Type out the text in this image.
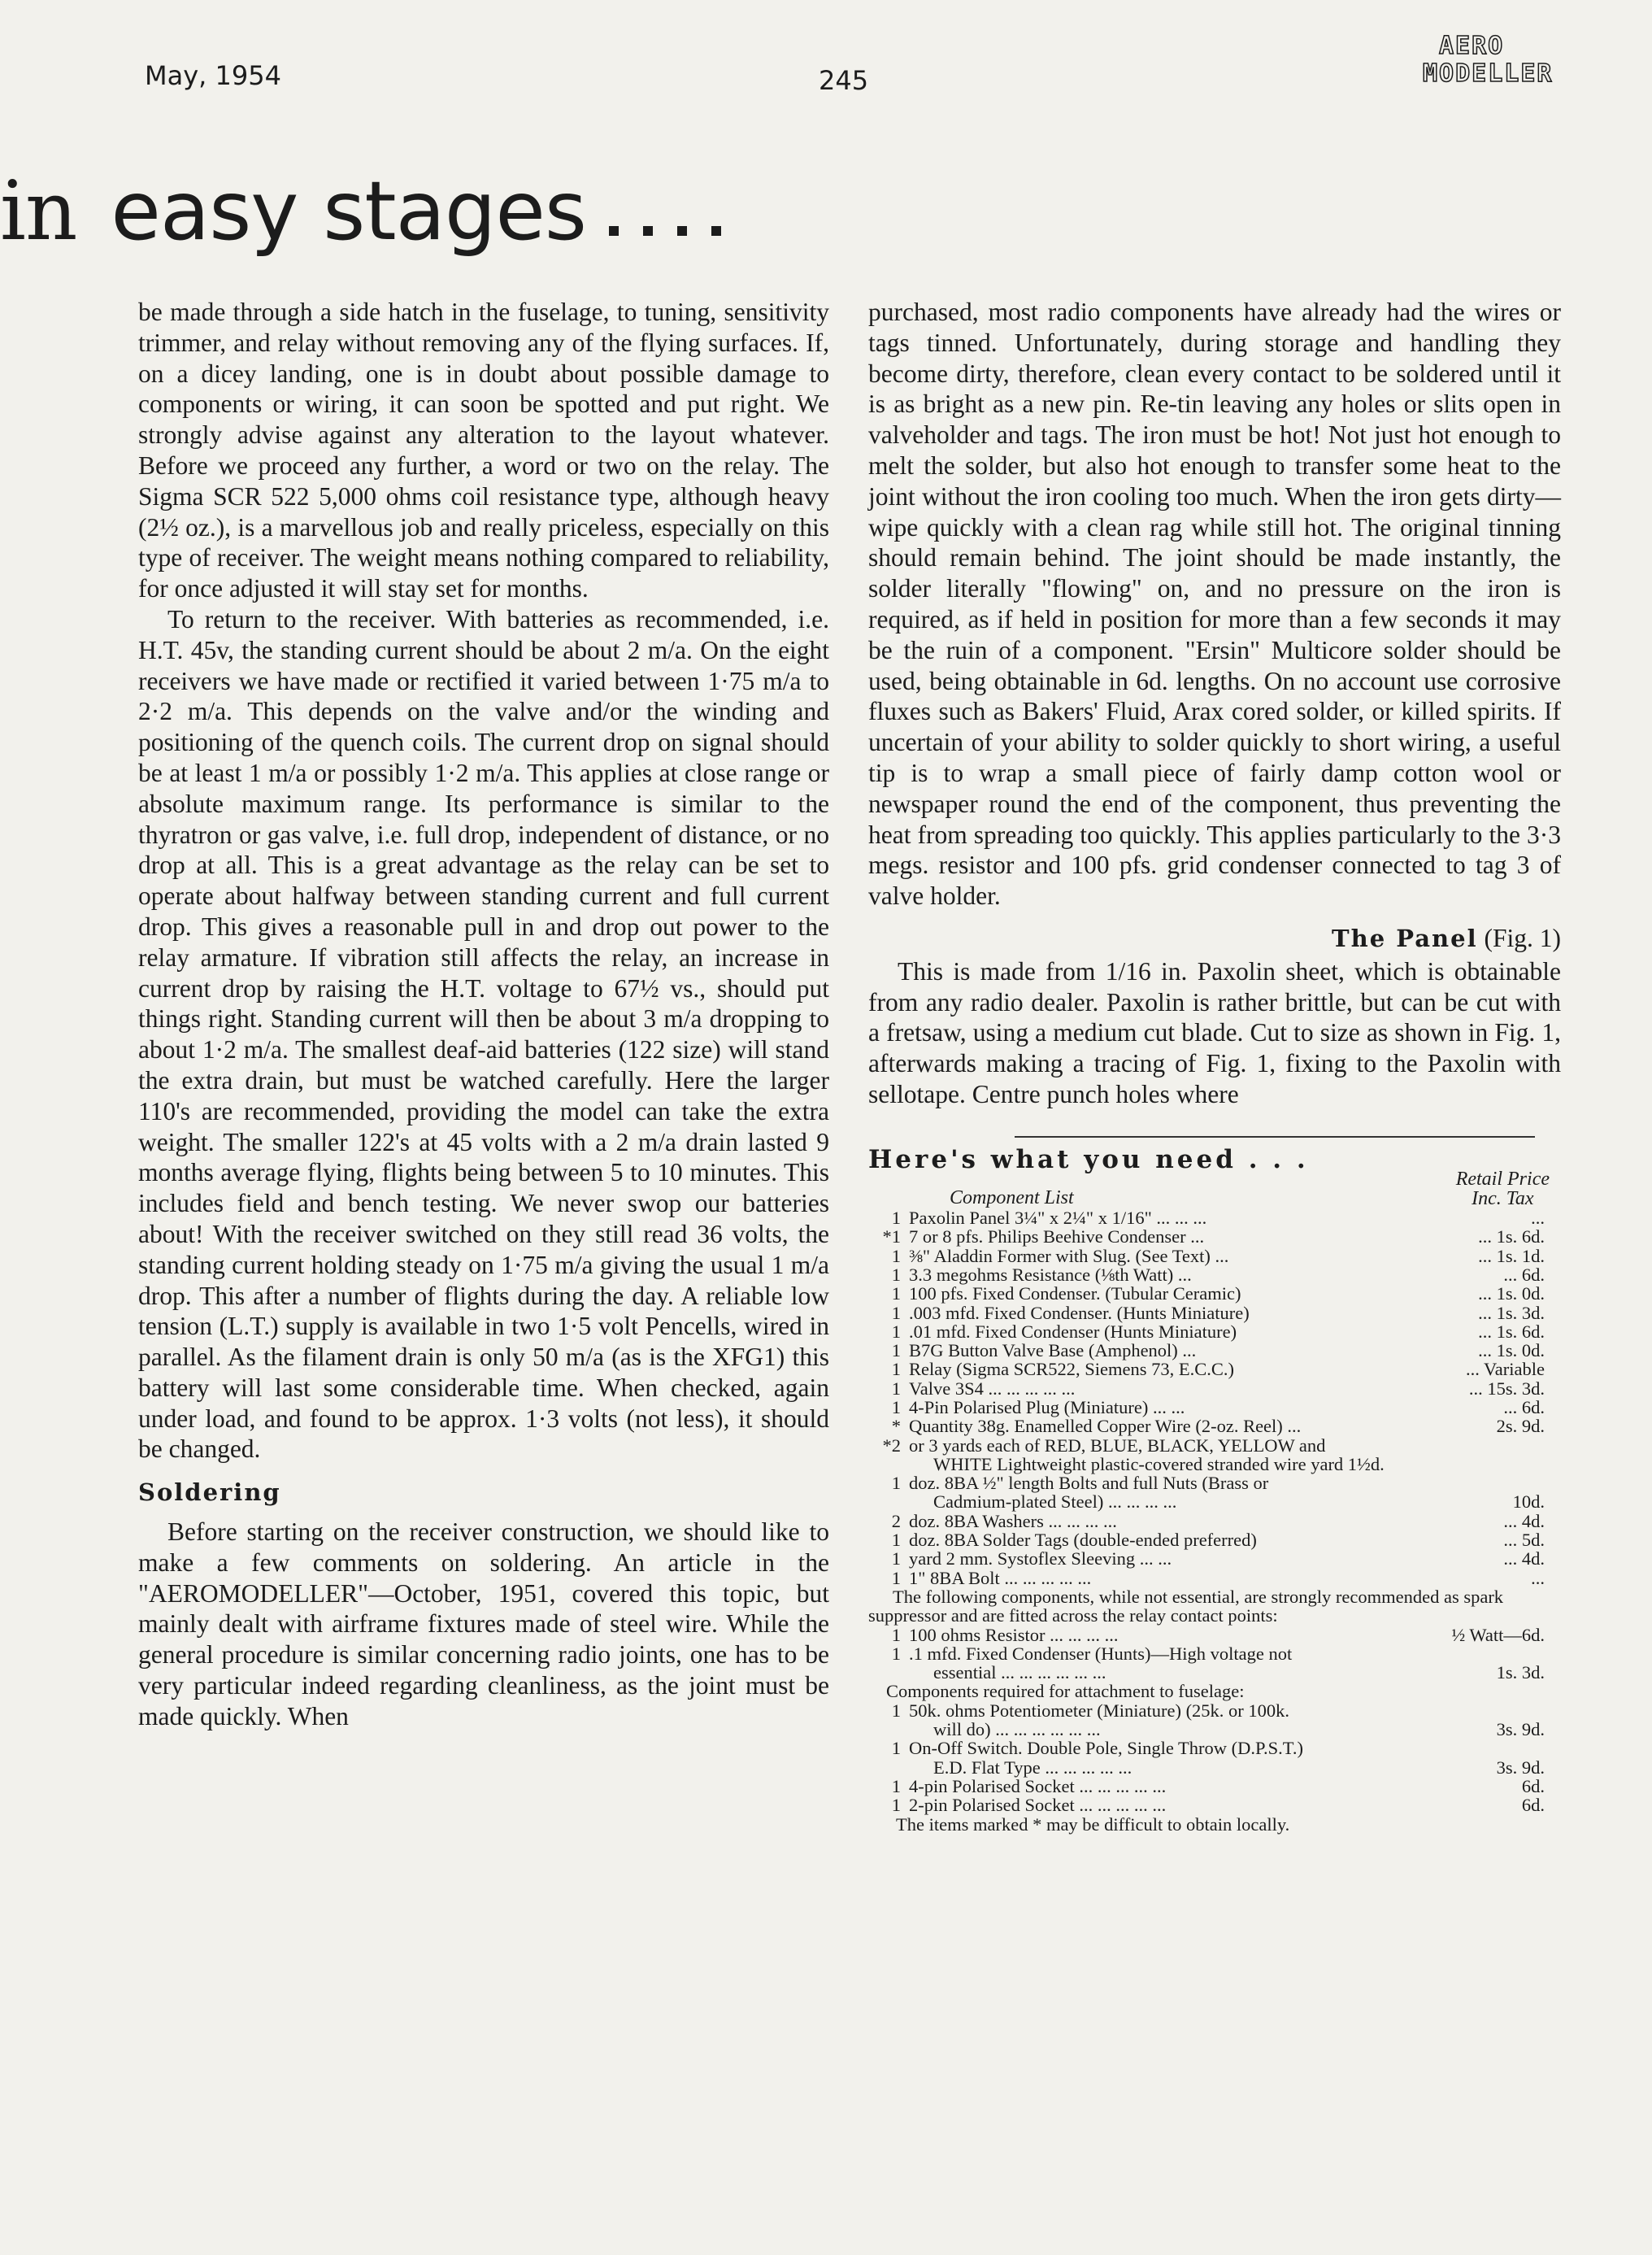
May, 1954	245
AERO
MODELLER
in easy stages

be made through a side hatch in the fuselage, to tuning, sensitivity trimmer, and relay without removing any of the flying surfaces. If, on a dicey landing, one is in doubt about possible damage to components or wiring, it can soon be spotted and put right. We strongly advise against any alteration to the layout whatever. Before we proceed any further, a word or two on the relay. The Sigma SCR 522 5,000 ohms coil resistance type, although heavy (2½ oz.), is a marvellous job and really priceless, especially on this type of receiver. The weight means nothing compared to reliability, for once adjusted it will stay set for months.

To return to the receiver. With batteries as recommended, i.e. H.T. 45v, the standing current should be about 2 m/a. On the eight receivers we have made or rectified it varied between 1·75 m/a to 2·2 m/a. This depends on the valve and/or the winding and positioning of the quench coils. The current drop on signal should be at least 1 m/a or possibly 1·2 m/a. This applies at close range or absolute maximum range. Its performance is similar to the thyratron or gas valve, i.e. full drop, independent of distance, or no drop at all. This is a great advantage as the relay can be set to operate about halfway between standing current and full current drop. This gives a reasonable pull in and drop out power to the relay armature. If vibration still affects the relay, an increase in current drop by raising the H.T. voltage to 67½ vs., should put things right. Standing current will then be about 3 m/a dropping to about 1·2 m/a. The smallest deaf-aid batteries (122 size) will stand the extra drain, but must be watched carefully. Here the larger 110's are recommended, providing the model can take the extra weight. The smaller 122's at 45 volts with a 2 m/a drain lasted 9 months average flying, flights being between 5 to 10 minutes. This includes field and bench testing. We never swop our batteries about! With the receiver switched on they still read 36 volts, the standing current holding steady on 1·75 m/a giving the usual 1 m/a drop. This after a number of flights during the day. A reliable low tension (L.T.) supply is available in two 1·5 volt Pencells, wired in parallel. As the filament drain is only 50 m/a (as is the XFG1) this battery will last some considerable time. When checked, again under load, and found to be approx. 1·3 volts (not less), it should be changed.

Soldering

Before starting on the receiver construction, we should like to make a few comments on soldering. An article in the "AEROMODELLER"—October, 1951, covered this topic, but mainly dealt with airframe fixtures made of steel wire. While the general procedure is similar concerning radio joints, one has to be very particular indeed regarding cleanliness, as the joint must be made quickly. When

purchased, most radio components have already had the wires or tags tinned. Unfortunately, during storage and handling they become dirty, therefore, clean every contact to be soldered until it is as bright as a new pin. Re-tin leaving any holes or slits open in valveholder and tags. The iron must be hot! Not just hot enough to melt the solder, but also hot enough to transfer some heat to the joint without the iron cooling too much. When the iron gets dirty—wipe quickly with a clean rag while still hot. The original tinning should remain behind. The joint should be made instantly, the solder literally "flowing" on, and no pressure on the iron is required, as if held in position for more than a few seconds it may be the ruin of a component. "Ersin" Multicore solder should be used, being obtainable in 6d. lengths. On no account use corrosive fluxes such as Bakers' Fluid, Arax cored solder, or killed spirits. If uncertain of your ability to solder quickly to short wiring, a useful tip is to wrap a small piece of fairly damp cotton wool or newspaper round the end of the component, thus preventing the heat from spreading too quickly. This applies particularly to the 3·3 megs. resistor and 100 pfs. grid condenser connected to tag 3 of valve holder.

The Panel (Fig. 1)

This is made from 1/16 in. Paxolin sheet, which is obtainable from any radio dealer. Paxolin is rather brittle, but can be cut with a fretsaw, using a medium cut blade. Cut to size as shown in Fig. 1, afterwards making a tracing of Fig. 1, fixing to the Paxolin with sellotape. Centre punch holes where

Here's what you need . . .
Component List
Retail Price
Inc. Tax
1 Paxolin Panel 3¼" x 2¼" x 1/16" ... ... ...	...
*1 7 or 8 pfs. Philips Beehive Condenser ...	... 1s. 6d.
1 ⅜" Aladdin Former with Slug. (See Text) ...	... 1s. 1d.
1 3.3 megohms Resistance (⅛th Watt) ...	... 6d.
1 100 pfs. Fixed Condenser. (Tubular Ceramic)	... 1s. 0d.
1 .003 mfd. Fixed Condenser. (Hunts Miniature)	... 1s. 3d.
1 .01 mfd. Fixed Condenser (Hunts Miniature)	... 1s. 6d.
1 B7G Button Valve Base (Amphenol) ...	... 1s. 0d.
1 Relay (Sigma SCR522, Siemens 73, E.C.C.)	... Variable
1 Valve 3S4 ... ... ... ... ...	... 15s. 3d.
1 4-Pin Polarised Plug (Miniature) ... ...	... 6d.
* Quantity 38g. Enamelled Copper Wire (2-oz. Reel) ...	2s. 9d.
*2 or 3 yards each of RED, BLUE, BLACK, YELLOW and
WHITE Lightweight plastic-covered stranded wire yard 1½d.
1 doz. 8BA ½" length Bolts and full Nuts (Brass or
Cadmium-plated Steel) ... ... ... ...	10d.
2 doz. 8BA Washers ... ... ... ...	... 4d.
1 doz. 8BA Solder Tags (double-ended preferred)	... 5d.
1 yard 2 mm. Systoflex Sleeving ... ...	... 4d.
1 1" 8BA Bolt ... ... ... ... ...	...
The following components, while not essential, are strongly recommended as spark suppressor and are fitted across the relay contact points:
1 100 ohms Resistor ... ... ... ...	½ Watt—6d.
1 .1 mfd. Fixed Condenser (Hunts)—High voltage not
essential ... ... ... ... ... ...	1s. 3d.
Components required for attachment to fuselage:
1 50k. ohms Potentiometer (Miniature) (25k. or 100k.
will do) ... ... ... ... ... ...	3s. 9d.
1 On-Off Switch. Double Pole, Single Throw (D.P.S.T.)
E.D. Flat Type ... ... ... ... ...	3s. 9d.
1 4-pin Polarised Socket ... ... ... ... ...	6d.
1 2-pin Polarised Socket ... ... ... ... ...	6d.
The items marked * may be difficult to obtain locally.
